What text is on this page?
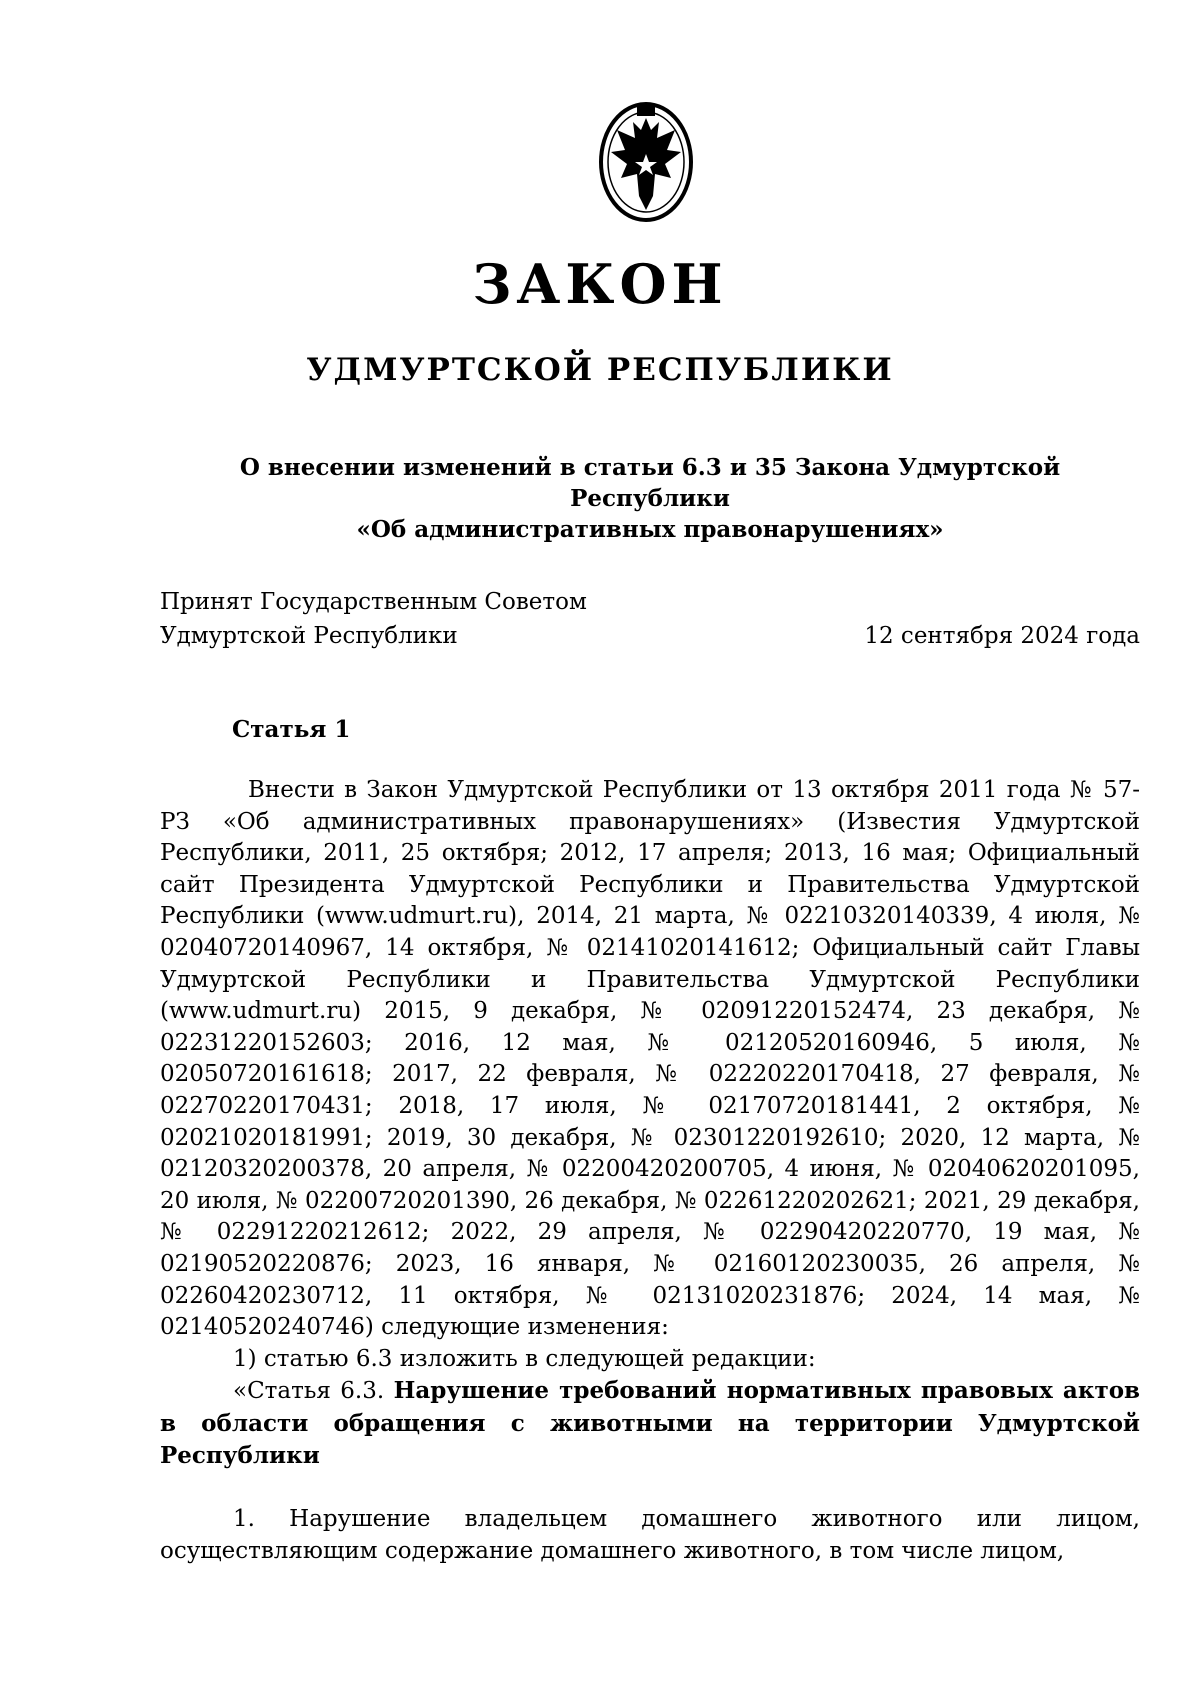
ЗАКОН
УДМУРТСКОЙ РЕСПУБЛИКИ
О внесении изменений в статьи 6.3 и 35 Закона Удмуртской Республики
«Об административных правонарушениях»
Принят Государственным Советом
Удмуртской Республики	12 сентября 2024 года
Статья 1

Внести в Закон Удмуртской Республики от 13 октября 2011 года № 57-РЗ «Об административных правонарушениях» (Известия Удмуртской Республики, 2011, 25 октября; 2012, 17 апреля; 2013, 16 мая; Официальный сайт Президента Удмуртской Республики и Правительства Удмуртской Республики (www.udmurt.ru), 2014, 21 марта, № 02210320140339, 4 июля, № 02040720140967, 14 октября, № 02141020141612; Официальный сайт Главы Удмуртской Республики и Правительства Удмуртской Республики (www.udmurt.ru) 2015, 9 декабря, № 02091220152474, 23 декабря, № 02231220152603; 2016, 12 мая, № 02120520160946, 5 июля, № 02050720161618; 2017, 22 февраля, № 02220220170418, 27 февраля, № 02270220170431; 2018, 17 июля, № 02170720181441, 2 октября, № 02021020181991; 2019, 30 декабря, № 02301220192610; 2020, 12 марта, № 02120320200378, 20 апреля, № 02200420200705, 4 июня, № 02040620201095, 20 июля, № 02200720201390, 26 декабря, № 02261220202621; 2021, 29 декабря, № 02291220212612; 2022, 29 апреля, № 02290420220770, 19 мая, № 02190520220876; 2023, 16 января, № 02160120230035, 26 апреля, № 02260420230712, 11 октября, № 02131020231876; 2024, 14 мая, № 02140520240746) следующие изменения:

1) статью 6.3 изложить в следующей редакции:

«Статья 6.3. Нарушение требований нормативных правовых актов в области обращения с животными на территории Удмуртской Республики

1. Нарушение владельцем домашнего животного или лицом, осуществляющим содержание домашнего животного, в том числе лицом,
